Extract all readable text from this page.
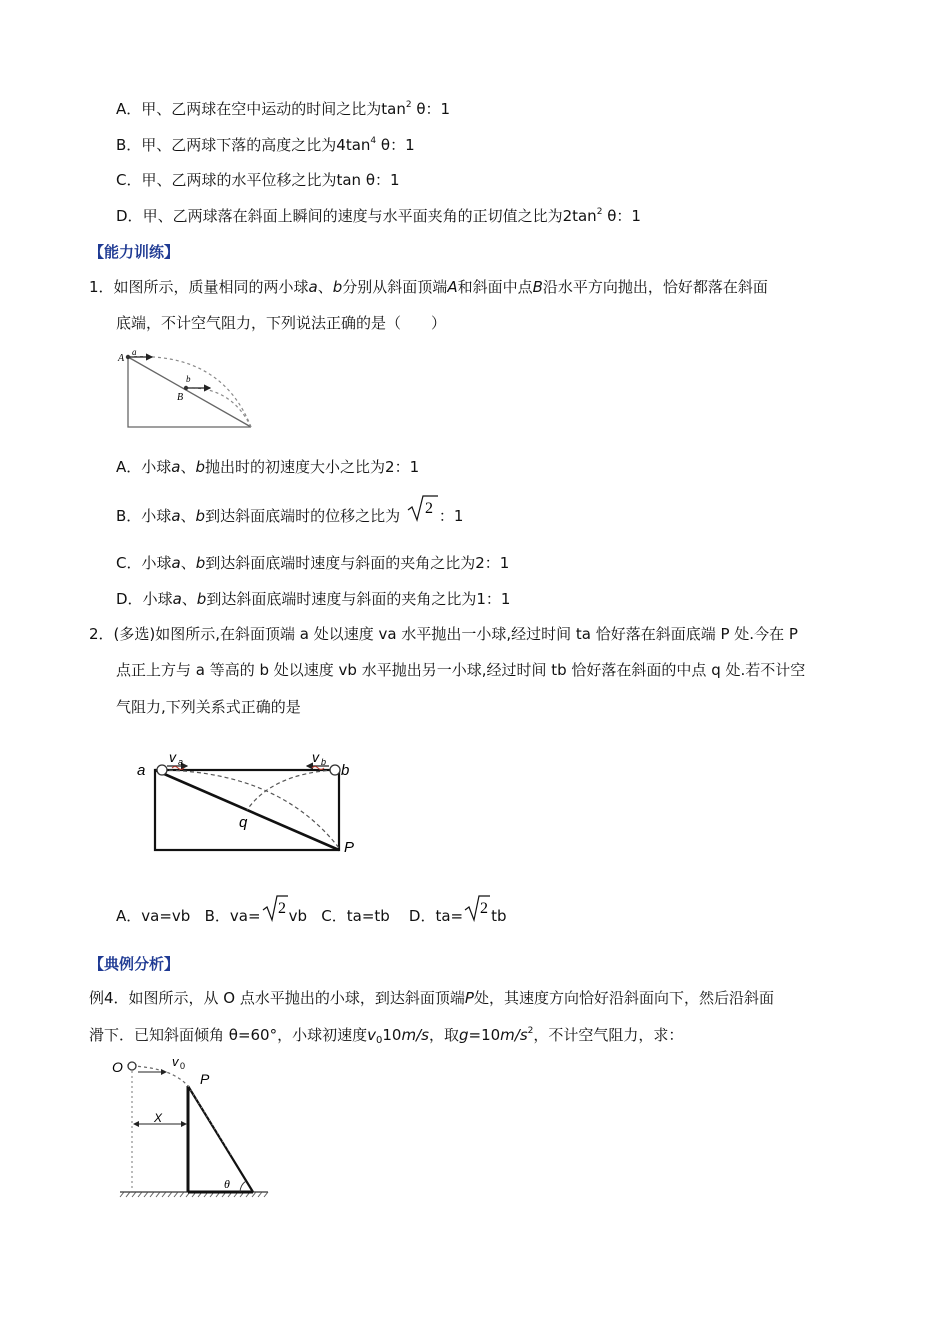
A．甲、乙两球在空中运动的时间之比为$\tan^2 \theta$：1
B．甲、乙两球下落的高度之比为$4\tan^4$ θ：1
C．甲、乙两球的水平位移之比为tan θ：1
D．甲、乙两球落在斜面上瞬间的速度与水平面夹角的正切值之比为$2\tan^2$ θ：1
【能力训练】
1．如图所示，质量相同的两小球a、b分别从斜面顶端A和斜面中点B沿水平方向抛出，恰好都落在斜面
底端，不计空气阻力，下列说法正确的是（　　）
A
a
b
B
A．小球a、b抛出时的初速度大小之比为2：1
B．小球a、b到达斜面底端时的位移之比为 2 ：1
C．小球a、b到达斜面底端时速度与斜面的夹角之比为2：1
D．小球a、b到达斜面底端时速度与斜面的夹角之比为1：1
2．(多选)如图所示,在斜面顶端 a 处以速度 va 水平抛出一小球,经过时间 ta 恰好落在斜面底端 P 处.今在 P
点正上方与 a 等高的 b 处以速度 vb 水平抛出另一小球,经过时间 tb 恰好落在斜面的中点 q 处.若不计空
气阻力,下列关系式正确的是
a
v a	v b b
q
P
A．va=vb B．va= 2 vb C．ta=tb D．ta= 2 tb
【典例分析】
例4．如图所示，从 O 点水平抛出的小球，到达斜面顶端P处，其速度方向恰好沿斜面向下，然后沿斜面
滑下．已知斜面倾角 θ=60°，小球初速度$v_010m/s$，取$g=10m/s^2$，不计空气阻力，求：
O	v 0
P
X
θ
